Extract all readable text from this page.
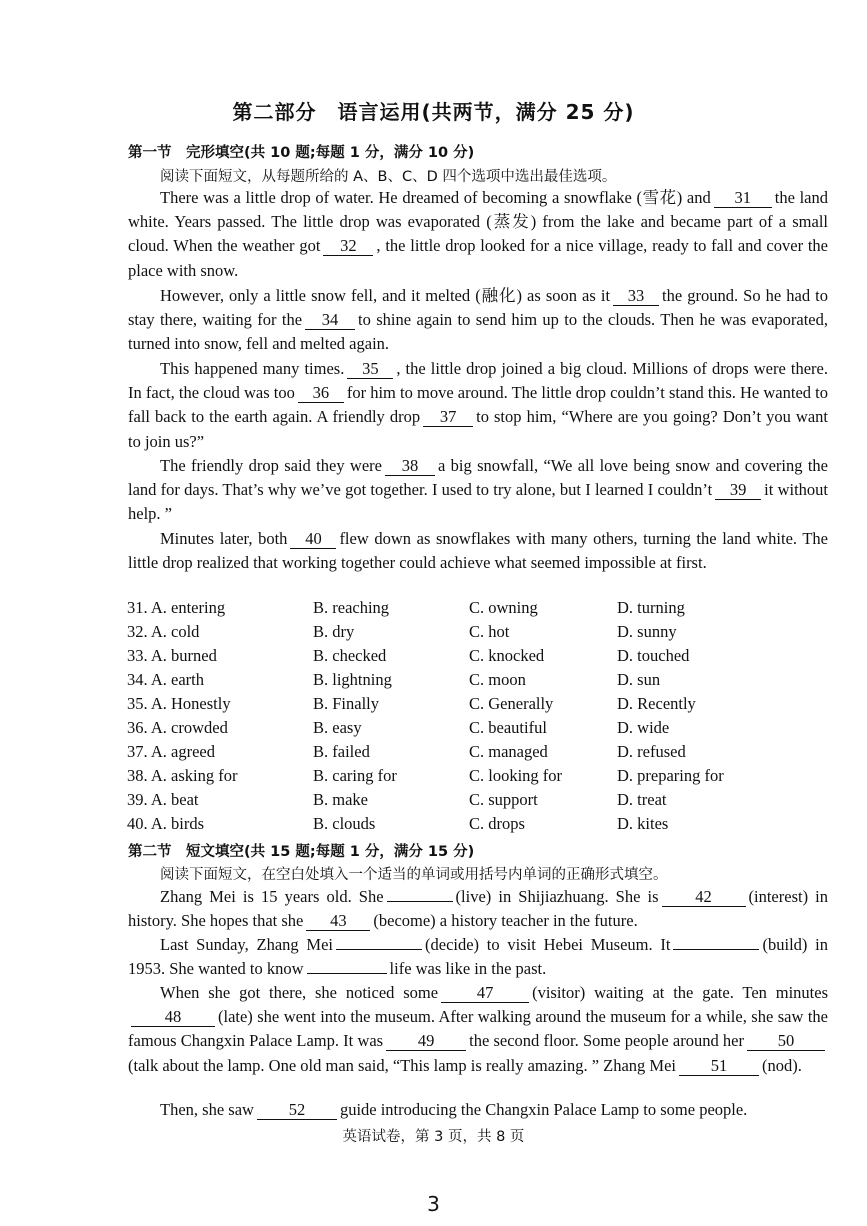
第二部分　语言运用(共两节，满分 25 分)
第一节　完形填空(共 10 题;每题 1 分，满分 10 分)
阅读下面短文，从每题所给的 A、B、C、D 四个选项中选出最佳选项。
There was a little drop of water. He dreamed of becoming a snowflake (雪花) and 31 the land white. Years passed. The little drop was evaporated (蒸发) from the lake and became part of a small cloud. When the weather got 32 , the little drop looked for a nice village, ready to fall and cover the place with snow.
However, only a little snow fell, and it melted (融化) as soon as it 33 the ground. So he had to stay there, waiting for the 34 to shine again to send him up to the clouds. Then he was evaporated, turned into snow, fell and melted again.
This happened many times. 35 , the little drop joined a big cloud. Millions of drops were there. In fact, the cloud was too 36 for him to move around. The little drop couldn’t stand this. He wanted to fall back to the earth again. A friendly drop 37 to stop him, “Where are you going? Don’t you want to join us?”
The friendly drop said they were 38 a big snowfall, “We all love being snow and covering the land for days. That’s why we’ve got together. I used to try alone, but I learned I couldn’t 39 it without help. ”
Minutes later, both 40 flew down as snowflakes with many others, turning the land white. The little drop realized that working together could achieve what seemed impossible at first.
31. A. entering	B. reaching	C. owning	D. turning
32. A. cold	B. dry	C. hot	D. sunny
33. A. burned	B. checked	C. knocked	D. touched
34. A. earth	B. lightning	C. moon	D. sun
35. A. Honestly	B. Finally	C. Generally	D. Recently
36. A. crowded	B. easy	C. beautiful	D. wide
37. A. agreed	B. failed	C. managed	D. refused
38. A. asking for	B. caring for	C. looking for	D. preparing for
39. A. beat	B. make	C. support	D. treat
40. A. birds	B. clouds	C. drops	D. kites
第二节　短文填空(共 15 题;每题 1 分，满分 15 分)
阅读下面短文，在空白处填入一个适当的单词或用括号内单词的正确形式填空。
Zhang Mei is 15 years old. She	(live) in Shijiazhuang. She is 42 (interest) in history. She hopes that she 43 (become) a history teacher in the future.
Last Sunday, Zhang Mei	(decide) to visit Hebei Museum. It	(build) in 1953. She wanted to know	life was like in the past.
When she got there, she noticed some 47 (visitor) waiting at the gate. Ten minutes48 (late) she went into the museum. After walking around the museum for a while, she saw the famous Changxin Palace Lamp. It was 49 the second floor. Some people around her 50(talk about the lamp. One old man said, “This lamp is really amazing. ” Zhang Mei 51 (nod).
Then, she saw 52 guide introducing the Changxin Palace Lamp to some people.
英语试卷，第 3 页，共 8 页
3
